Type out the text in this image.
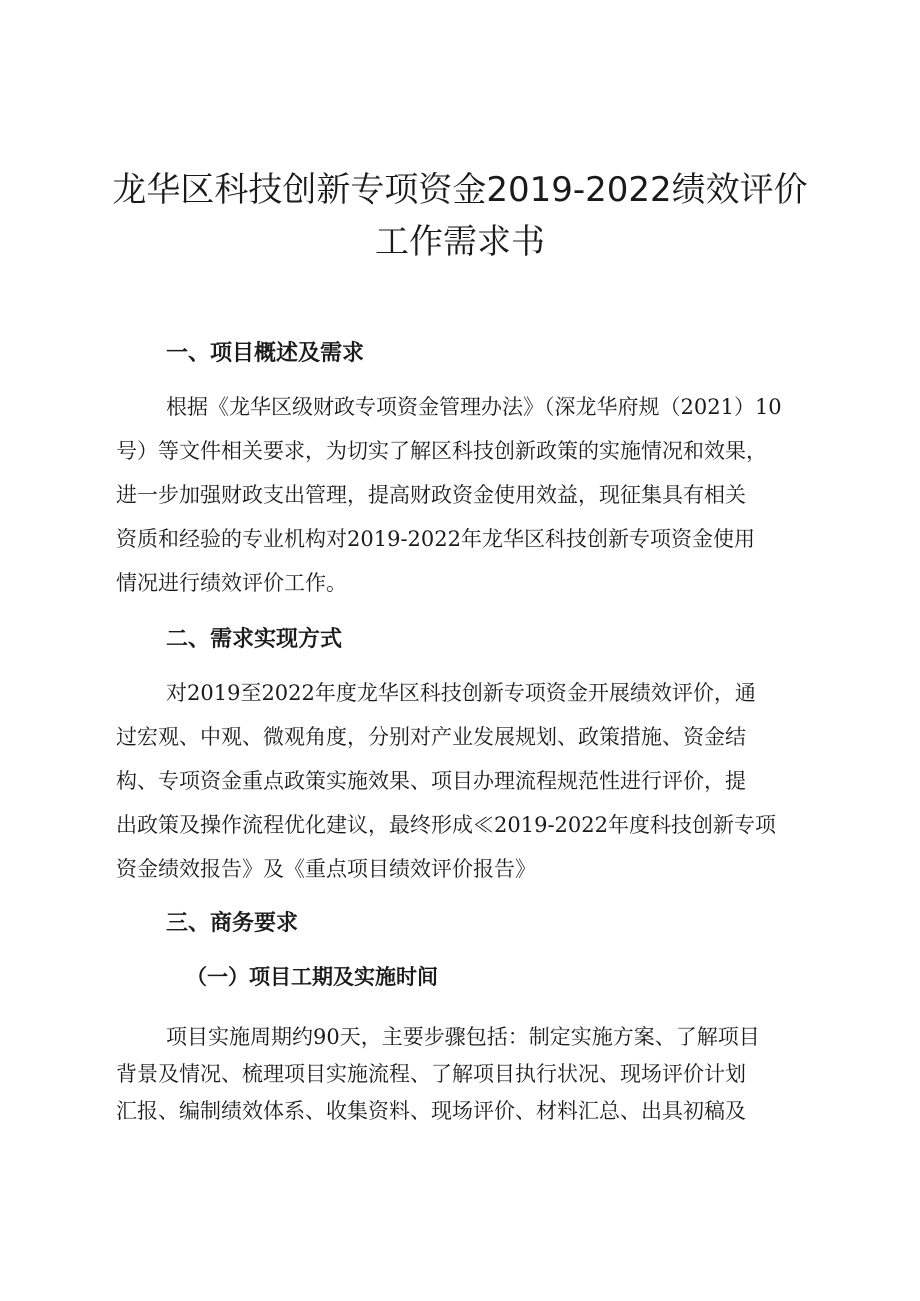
龙华区科技创新专项资金2019-2022绩效评价
工作需求书
一、项目概述及需求

根据《龙华区级财政专项资金管理办法》（深龙华府规（2021）10
号）等文件相关要求，为切实了解区科技创新政策的实施情况和效果，
进一步加强财政支出管理，提高财政资金使用效益，现征集具有相关
资质和经验的专业机构对2019-2022年龙华区科技创新专项资金使用
情况进行绩效评价工作。

二、需求实现方式

对2019至2022年度龙华区科技创新专项资金开展绩效评价，通
过宏观、中观、微观角度，分别对产业发展规划、政策措施、资金结
构、专项资金重点政策实施效果、项目办理流程规范性进行评价，提
出政策及操作流程优化建议，最终形成≪2019-2022年度科技创新专项
资金绩效报告》及《重点项目绩效评价报告》

三、商务要求
（一）项目工期及实施时间

项目实施周期约90天，主要步骤包括：制定实施方案、了解项目
背景及情况、梳理项目实施流程、了解项目执行状况、现场评价计划
汇报、编制绩效体系、收集资料、现场评价、材料汇总、出具初稿及
